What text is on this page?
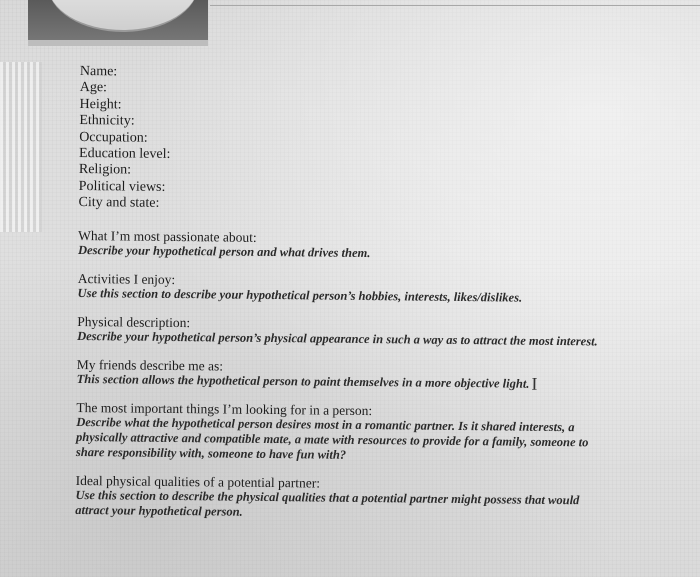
Name:
Age:
Height:
Ethnicity:
Occupation:
Education level:
Religion:
Political views:
City and state:
What I’m most passionate about:
Describe your hypothetical person and what drives them.
Activities I enjoy:
Use this section to describe your hypothetical person’s hobbies, interests, likes/dislikes.
Physical description:
Describe your hypothetical person’s physical appearance in such a way as to attract the most interest.
My friends describe me as:
This section allows the hypothetical person to paint themselves in a more objective light. I
The most important things I’m looking for in a person:
Describe what the hypothetical person desires most in a romantic partner. Is it shared interests, a physically attractive and compatible mate, a mate with resources to provide for a family, someone to share responsibility with, someone to have fun with?
Ideal physical qualities of a potential partner:
Use this section to describe the physical qualities that a potential partner might possess that would attract your hypothetical person.
